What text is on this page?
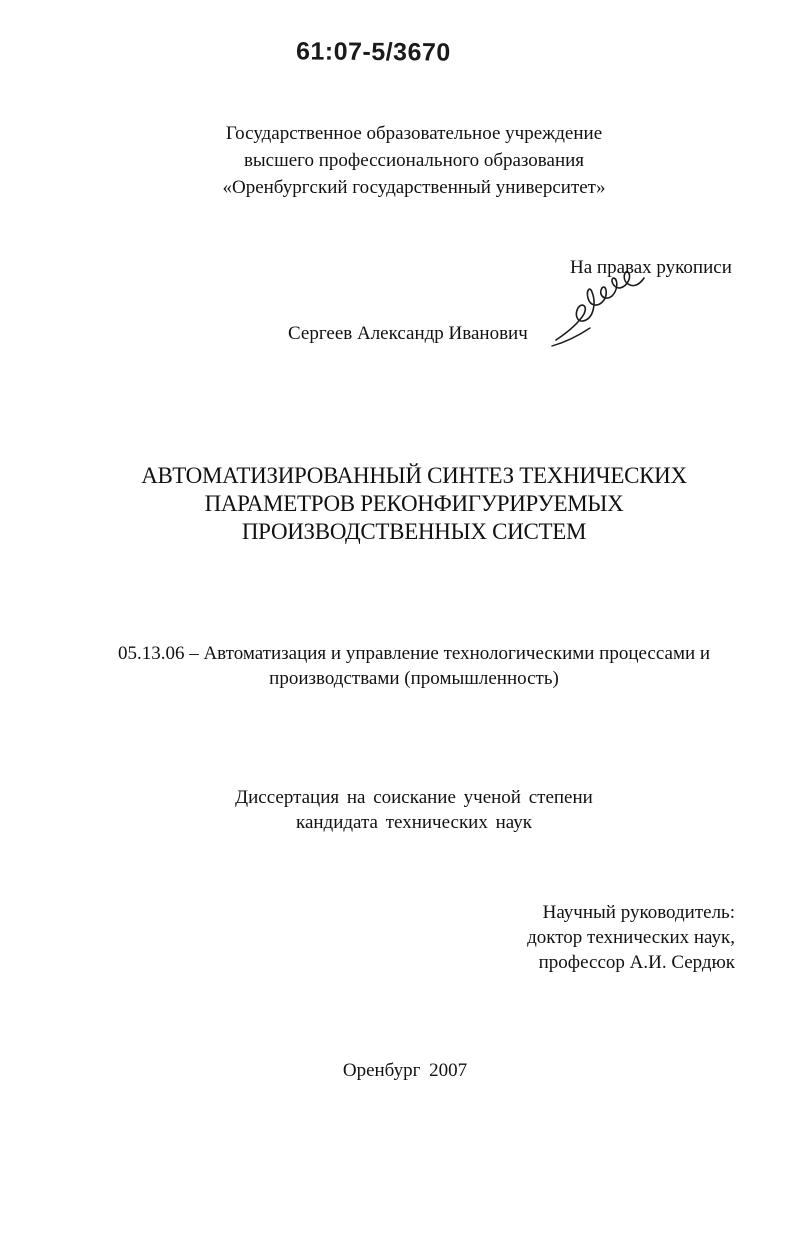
61:07-5/3670
Государственное образовательное учреждение
высшего профессионального образования
«Оренбургский государственный университет»
На правах рукописи
Сергеев Александр Иванович
АВТОМАТИЗИРОВАННЫЙ СИНТЕЗ ТЕХНИЧЕСКИХ
ПАРАМЕТРОВ РЕКОНФИГУРИРУЕМЫХ
ПРОИЗВОДСТВЕННЫХ СИСТЕМ
05.13.06 – Автоматизация и управление технологическими процессами и
производствами (промышленность)
Диссертация на соискание ученой степени
кандидата технических наук
Научный руководитель:
доктор технических наук,
профессор А.И. Сердюк
Оренбург 2007
